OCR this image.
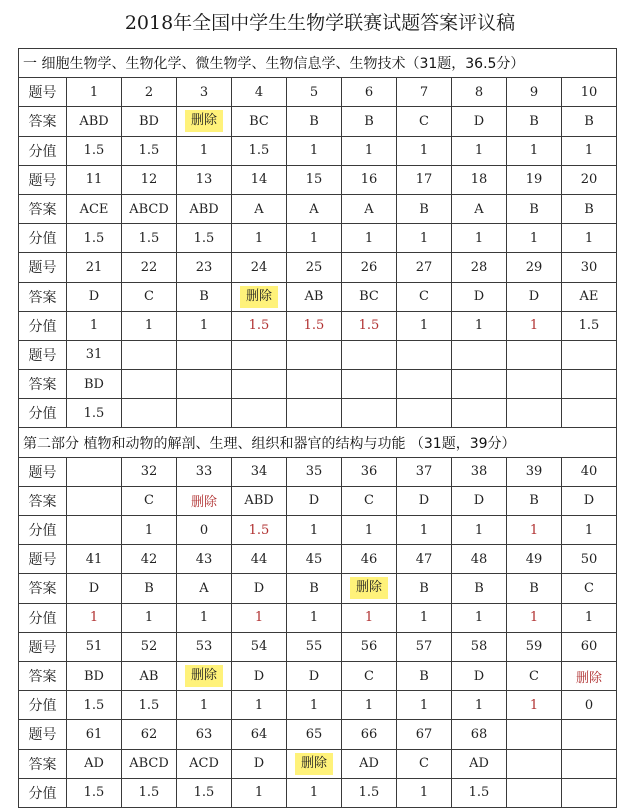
2018年全国中学生生物学联赛试题答案评议稿
一 细胞生物学、生物化学、微生物学、生物信息学、生物技术（31题，36.5分）										
题号	1	2	3	4	5	6	7	8	9	10
答案	ABD	BD	删除	BC	B	B	C	D	B	B
分值	1.5	1.5	1	1.5	1	1	1	1	1	1
题号	11	12	13	14	15	16	17	18	19	20
答案	ACE	ABCD	ABD	A	A	A	B	A	B	B
分值	1.5	1.5	1.5	1	1	1	1	1	1	1
题号	21	22	23	24	25	26	27	28	29	30
答案	D	C	B	删除	AB	BC	C	D	D	AE
分值	1	1	1	1.5	1.5	1.5	1	1	1	1.5
题号	31									
答案	BD									
分值	1.5									
第二部分 植物和动物的解剖、生理、组织和器官的结构与功能 （31题，39分）										
题号		32	33	34	35	36	37	38	39	40
答案		C	删除	ABD	D	C	D	D	B	D
分值		1	0	1.5	1	1	1	1	1	1
题号	41	42	43	44	45	46	47	48	49	50
答案	D	B	A	D	B	删除	B	B	B	C
分值	1	1	1	1	1	1	1	1	1	1
题号	51	52	53	54	55	56	57	58	59	60
答案	BD	AB	删除	D	D	C	B	D	C	删除
分值	1.5	1.5	1	1	1	1	1	1	1	0
题号	61	62	63	64	65	66	67	68		
答案	AD	ABCD	ACD	D	删除	AD	C	AD		
分值	1.5	1.5	1.5	1	1	1.5	1	1.5		
